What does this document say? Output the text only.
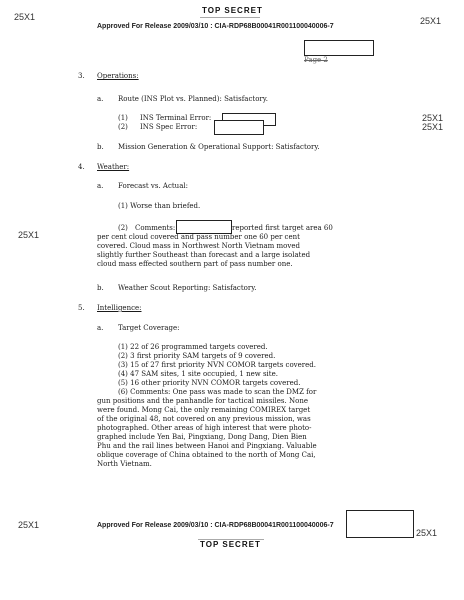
TOP SECRET
25X1	25X1
Approved For Release 2009/03/10 : CIA-RDP68B00041R001100040006-7
Page 2
3. Operations:
a. Route (INS Plot vs. Planned): Satisfactory.
(1) INS Terminal Error:
(2) INS Spec Error:
25X1
25X1
b. Mission Generation & Operational Support: Satisfactory.
4. Weather:
a. Forecast vs. Actual:
(1) Worse than briefed.
(2) Comments:	reported first target area 60
per cent cloud covered and pass number one 60 per cent
covered. Cloud mass in Northwest North Vietnam moved
slightly further Southeast than forecast and a large isolated
cloud mass effected southern part of pass number one.
25X1
b. Weather Scout Reporting: Satisfactory.
5. Intelligence:
a. Target Coverage:
(1) 22 of 26 programmed targets covered.
(2) 3 first priority SAM targets of 9 covered.
(3) 15 of 27 first priority NVN COMOR targets covered.
(4) 47 SAM sites, 1 site occupied, 1 new site.
(5) 16 other priority NVN COMOR targets covered.
(6) Comments: One pass was made to scan the DMZ for
gun positions and the panhandle for tactical missiles. None
were found. Mong Cai, the only remaining COMIREX target
of the original 48, not covered on any previous mission, was
photographed. Other areas of high interest that were photo-
graphed include Yen Bai, Pingxiang, Dong Dang, Dien Bien
Phu and the rail lines between Hanoi and Pingxiang. Valuable
oblique coverage of China obtained to the north of Mong Cai,
North Vietnam.
25X1	Approved For Release 2009/03/10 : CIA-RDP68B00041R001100040006-7
25X1
TOP SECRET
